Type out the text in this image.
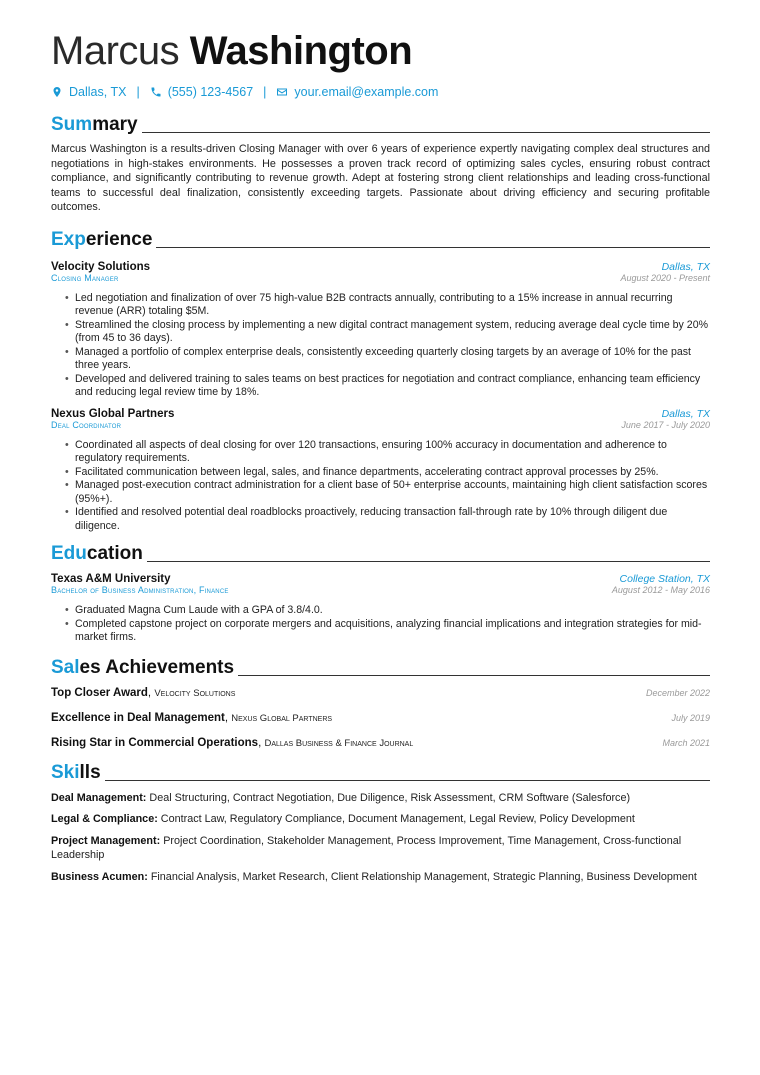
Marcus Washington
Dallas, TX | (555) 123-4567 | your.email@example.com
Summary

Marcus Washington is a results-driven Closing Manager with over 6 years of experience expertly navigating complex deal structures and negotiations in high-stakes environments. He possesses a proven track record of optimizing sales cycles, ensuring robust contract compliance, and significantly contributing to revenue growth. Adept at fostering strong client relationships and leading cross-functional teams to successful deal finalization, consistently exceeding targets. Passionate about driving efficiency and securing profitable outcomes.

Experience
Velocity Solutions	Dallas, TX
Closing Manager	August 2020 - Present
• Led negotiation and finalization of over 75 high-value B2B contracts annually, contributing to a 15% increase in annual recurring revenue (ARR) totaling $5M.
• Streamlined the closing process by implementing a new digital contract management system, reducing average deal cycle time by 20% (from 45 to 36 days).
• Managed a portfolio of complex enterprise deals, consistently exceeding quarterly closing targets by an average of 10% for the past three years.
• Developed and delivered training to sales teams on best practices for negotiation and contract compliance, enhancing team efficiency and reducing legal review time by 18%.
Nexus Global Partners	Dallas, TX
Deal Coordinator	June 2017 - July 2020
• Coordinated all aspects of deal closing for over 120 transactions, ensuring 100% accuracy in documentation and adherence to regulatory requirements.
• Facilitated communication between legal, sales, and finance departments, accelerating contract approval processes by 25%.
• Managed post-execution contract administration for a client base of 50+ enterprise accounts, maintaining high client satisfaction scores (95%+).
• Identified and resolved potential deal roadblocks proactively, reducing transaction fall-through rate by 10% through diligent due diligence.
Education
Texas A&M University	College Station, TX
Bachelor of Business Administration, Finance	August 2012 - May 2016
• Graduated Magna Cum Laude with a GPA of 3.8/4.0.
• Completed capstone project on corporate mergers and acquisitions, analyzing financial implications and integration strategies for mid-market firms.
Sales Achievements
Top Closer Award, Velocity Solutions	December 2022
Excellence in Deal Management, Nexus Global Partners	July 2019
Rising Star in Commercial Operations, Dallas Business & Finance Journal	March 2021
Skills

Deal Management: Deal Structuring, Contract Negotiation, Due Diligence, Risk Assessment, CRM Software (Salesforce)

Legal & Compliance: Contract Law, Regulatory Compliance, Document Management, Legal Review, Policy Development

Project Management: Project Coordination, Stakeholder Management, Process Improvement, Time Management, Cross-functional Leadership

Business Acumen: Financial Analysis, Market Research, Client Relationship Management, Strategic Planning, Business Development
